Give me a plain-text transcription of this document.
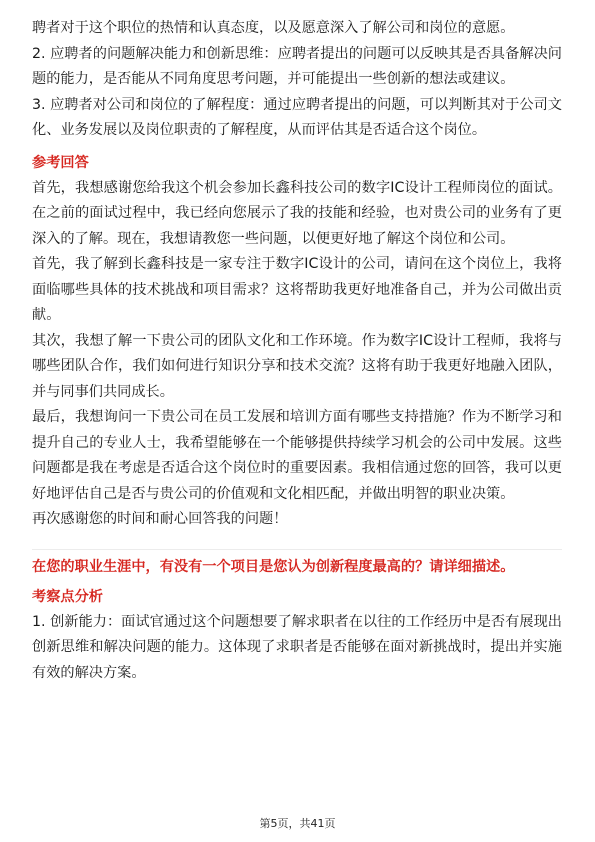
聘者对于这个职位的热情和认真态度，以及愿意深入了解公司和岗位的意愿。

2. 应聘者的问题解决能力和创新思维：应聘者提出的问题可以反映其是否具备解决问题的能力，是否能从不同角度思考问题，并可能提出一些创新的想法或建议。

3. 应聘者对公司和岗位的了解程度：通过应聘者提出的问题，可以判断其对于公司文化、业务发展以及岗位职责的了解程度，从而评估其是否适合这个岗位。

参考回答

首先，我想感谢您给我这个机会参加长鑫科技公司的数字IC设计工程师岗位的面试。在之前的面试过程中，我已经向您展示了我的技能和经验，也对贵公司的业务有了更深入的了解。现在，我想请教您一些问题，以便更好地了解这个岗位和公司。

首先，我了解到长鑫科技是一家专注于数字IC设计的公司，请问在这个岗位上，我将面临哪些具体的技术挑战和项目需求？这将帮助我更好地准备自己，并为公司做出贡献。

其次，我想了解一下贵公司的团队文化和工作环境。作为数字IC设计工程师，我将与哪些团队合作，我们如何进行知识分享和技术交流？这将有助于我更好地融入团队，并与同事们共同成长。

最后，我想询问一下贵公司在员工发展和培训方面有哪些支持措施？作为不断学习和提升自己的专业人士，我希望能够在一个能够提供持续学习机会的公司中发展。这些问题都是我在考虑是否适合这个岗位时的重要因素。我相信通过您的回答，我可以更好地评估自己是否与贵公司的价值观和文化相匹配，并做出明智的职业决策。

再次感谢您的时间和耐心回答我的问题！

在您的职业生涯中，有没有一个项目是您认为创新程度最高的？请详细描述。
考察点分析

1. 创新能力：面试官通过这个问题想要了解求职者在以往的工作经历中是否有展现出创新思维和解决问题的能力。这体现了求职者是否能够在面对新挑战时，提出并实施有效的解决方案。

第5页，共41页
